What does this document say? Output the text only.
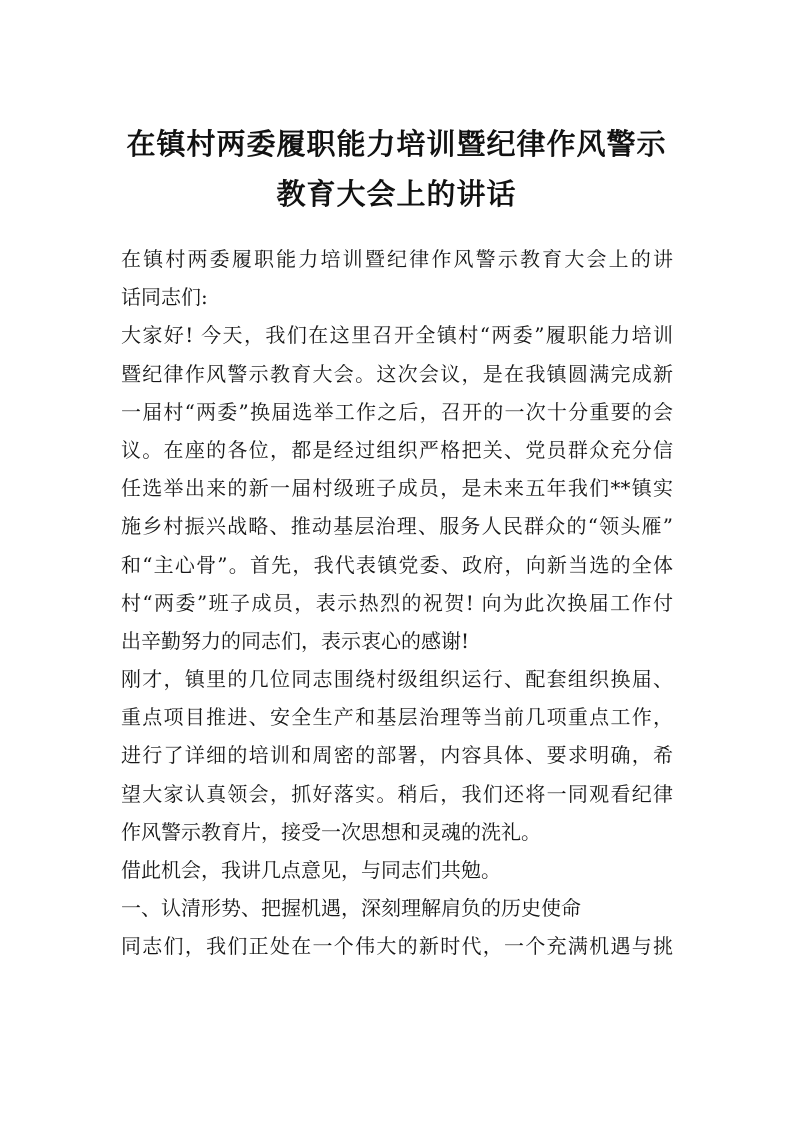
在镇村两委履职能力培训暨纪律作风警示
教育大会上的讲话
在镇村两委履职能力培训暨纪律作风警示教育大会上的讲
话同志们:
大家好! 今天，我们在这里召开全镇村“两委”履职能力培训
暨纪律作风警示教育大会。这次会议，是在我镇圆满完成新
一届村“两委”换届选举工作之后，召开的一次十分重要的会
议。在座的各位，都是经过组织严格把关、党员群众充分信
任选举出来的新一届村级班子成员，是未来五年我们**镇实
施乡村振兴战略、推动基层治理、服务人民群众的“领头雁”
和“主心骨”。首先，我代表镇党委、政府，向新当选的全体
村“两委”班子成员，表示热烈的祝贺! 向为此次换届工作付
出辛勤努力的同志们，表示衷心的感谢!
刚才，镇里的几位同志围绕村级组织运行、配套组织换届、
重点项目推进、安全生产和基层治理等当前几项重点工作，
进行了详细的培训和周密的部署，内容具体、要求明确，希
望大家认真领会，抓好落实。稍后，我们还将一同观看纪律
作风警示教育片，接受一次思想和灵魂的洗礼。
借此机会，我讲几点意见，与同志们共勉。
一、认清形势、把握机遇，深刻理解肩负的历史使命
同志们，我们正处在一个伟大的新时代，一个充满机遇与挑
